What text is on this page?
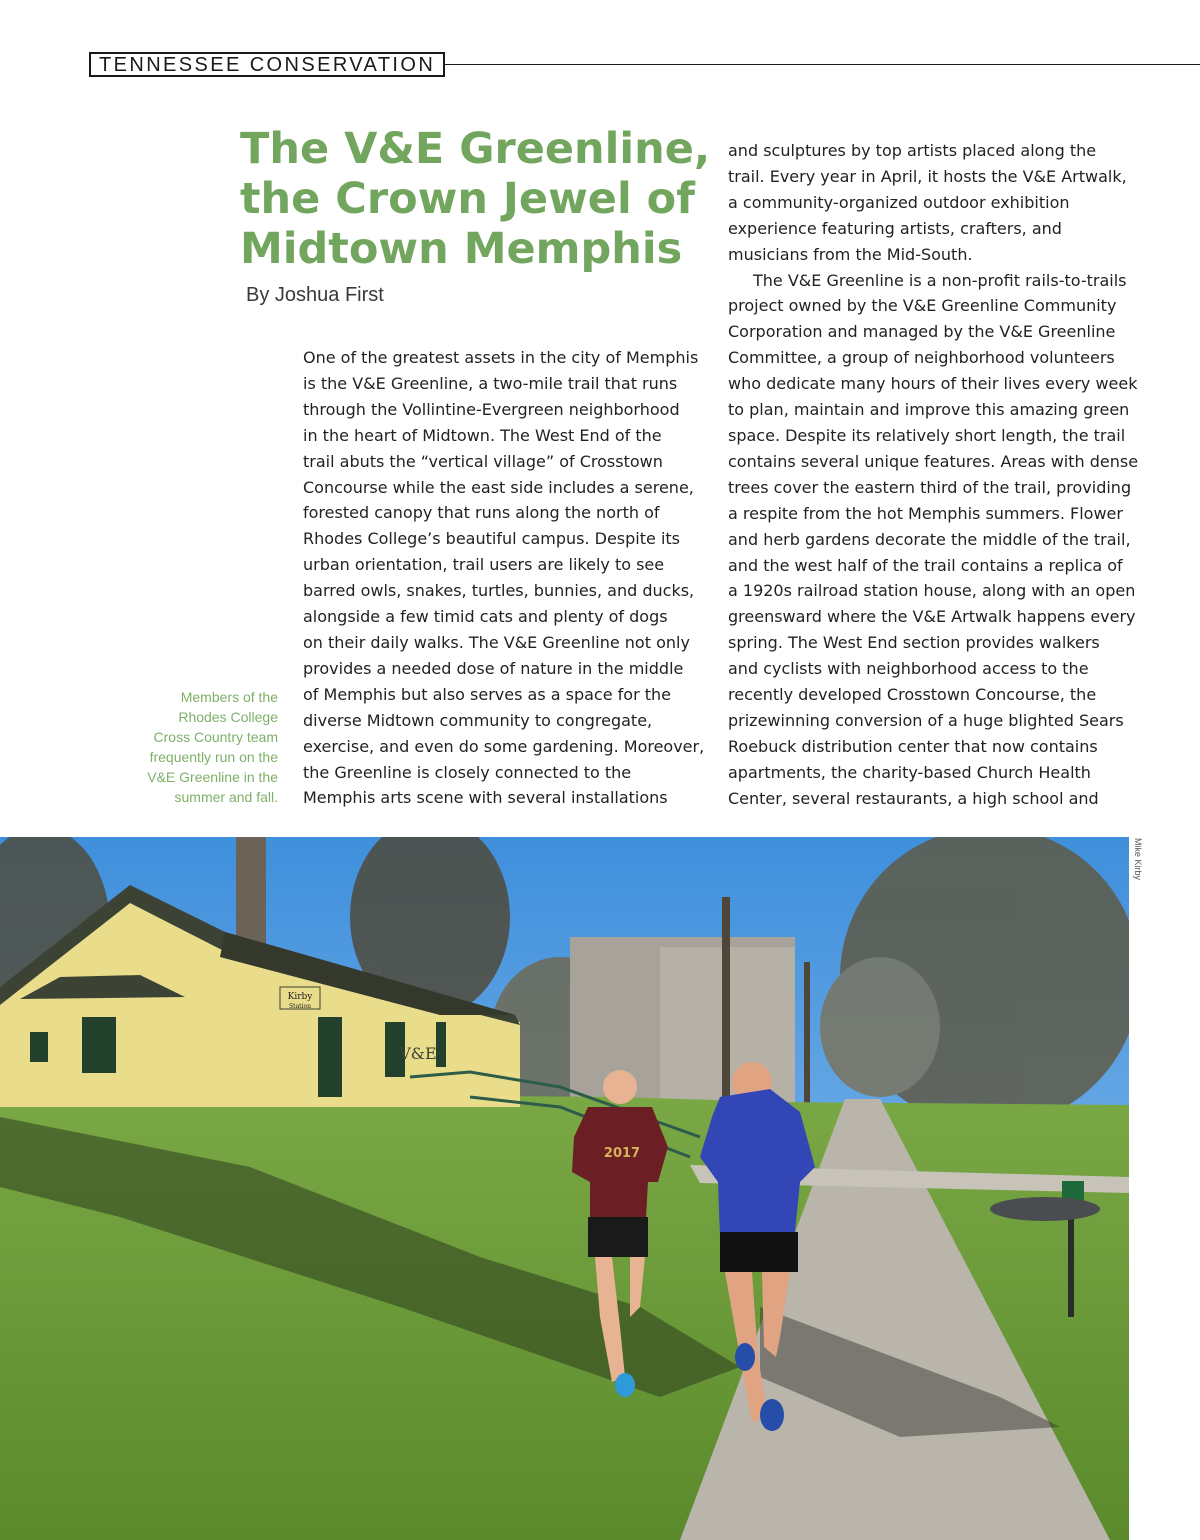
TENNESSEE CONSERVATION
The V&E Greenline,
the Crown Jewel of
Midtown Memphis
By Joshua First

One of the greatest assets in the city of Memphis
is the V&E Greenline, a two-mile trail that runs
through the Vollintine-Evergreen neighborhood
in the heart of Midtown. The West End of the
trail abuts the “vertical village” of Crosstown
Concourse while the east side includes a serene,
forested canopy that runs along the north of
Rhodes College’s beautiful campus. Despite its
urban orientation, trail users are likely to see
barred owls, snakes, turtles, bunnies, and ducks,
alongside a few timid cats and plenty of dogs
on their daily walks. The V&E Greenline not only
provides a needed dose of nature in the middle
of Memphis but also serves as a space for the
diverse Midtown community to congregate,
exercise, and even do some gardening. Moreover,
the Greenline is closely connected to the
Memphis arts scene with several installations

and sculptures by top artists placed along the
trail. Every year in April, it hosts the V&E Artwalk,
a community-organized outdoor exhibition
experience featuring artists, crafters, and
musicians from the Mid-South.

The V&E Greenline is a non-profit rails-to-trails
project owned by the V&E Greenline Community
Corporation and managed by the V&E Greenline
Committee, a group of neighborhood volunteers
who dedicate many hours of their lives every week
to plan, maintain and improve this amazing green
space. Despite its relatively short length, the trail
contains several unique features. Areas with dense
trees cover the eastern third of the trail, providing
a respite from the hot Memphis summers. Flower
and herb gardens decorate the middle of the trail,
and the west half of the trail contains a replica of
a 1920s railroad station house, along with an open
greensward where the V&E Artwalk happens every
spring. The West End section provides walkers
and cyclists with neighborhood access to the
recently developed Crosstown Concourse, the
prizewinning conversion of a huge blighted Sears
Roebuck distribution center that now contains
apartments, the charity-based Church Health
Center, several restaurants, a high school and

Members of the
Rhodes College
Cross Country team
frequently run on the
V&E Greenline in the
summer and fall.
Kirby
Station
V&E
2017
Mike Kirby
